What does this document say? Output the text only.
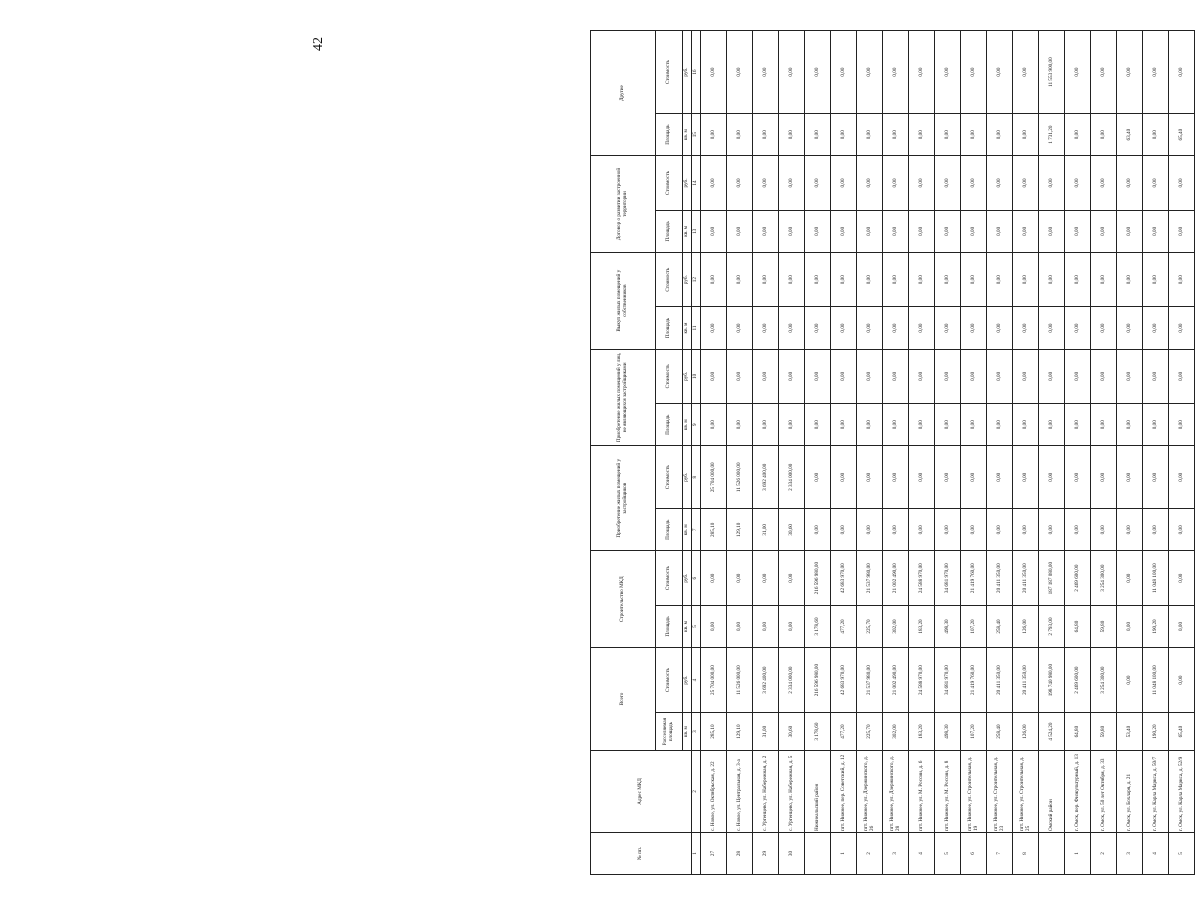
42
№ пп.	Адрес МКД	Всего		Строительство МКД		Приобретение жилых помещений у застройщиков		Приобретение жилых помещений у лиц, не являющихся застройщиками		Выкуп жилых помещений у собственников		Договор о развитии застроенной территории		Другие	
		Расселяемая площадь	Стоимость	Площадь	Стоимость	Площадь	Стоимость	Площадь	Стоимость	Площадь	Стоимость	Площадь	Стоимость	Площадь	Стоимость
		кв. м	руб.	кв. м	руб.	кв. м	руб.	кв. м	руб.	кв. м	руб.	кв. м	руб.	кв. м	руб.
1	2	3	4	5	6	7	8	9	10	11	12	13	14	15	16
27	с. Новое, ул. Октябрьская, д. 22	285,10	25 704 000,00	0,00	0,00	285,10	25 704 000,00	0,00	0,00	0,00	0,00	0,00	0,00	0,00	0,00
28	с. Новое, ул. Центральная, д. 3-а	129,10	11 526 000,00	0,00	0,00	129,10	11 526 000,00	0,00	0,00	0,00	0,00	0,00	0,00	0,00	0,00
29	с. Ургенцево, ул. Набережная, д. 2	31,00	3 692 400,00	0,00	0,00	31,00	3 692 400,00	0,00	0,00	0,00	0,00	0,00	0,00	0,00	0,00
30	с. Ургенцево, ул. Набережная, д. 5	30,60	2 334 000,00	0,00	0,00	30,60	2 334 000,00	0,00	0,00	0,00	0,00	0,00	0,00	0,00	0,00
	Нижнеальский район	3 178,60	216 596 980,00	3 178,60	216 596 980,00	0,00	0,00	0,00	0,00	0,00	0,00	0,00	0,00	0,00	0,00
1	пгт. Нижнее, пер. Советский, д. 12	477,20	42 683 970,00	477,20	42 683 970,00	0,00	0,00	0,00	0,00	0,00	0,00	0,00	0,00	0,00	0,00
2	пгт. Нижнее, ул. Дзержинского, д. 26	225,70	21 537 980,00	225,70	21 537 980,00	0,00	0,00	0,00	0,00	0,00	0,00	0,00	0,00	0,00	0,00
3	пгт. Нижнее, ул. Дзержинского, д. 28	302,00	21 002 490,00	302,00	21 002 490,00	0,00	0,00	0,00	0,00	0,00	0,00	0,00	0,00	0,00	0,00
4	пгт. Нижнее, ул. М. России, д. 6	183,20	24 588 970,00	183,20	24 588 970,00	0,00	0,00	0,00	0,00	0,00	0,00	0,00	0,00	0,00	0,00
5	пгт. Нижнее, ул. М. России, д. 8	498,30	34 681 970,00	498,30	34 681 970,00	0,00	0,00	0,00	0,00	0,00	0,00	0,00	0,00	0,00	0,00
6	пгт. Нижнее, ул. Строительная, д. 19	107,20	21 419 760,00	107,20	21 419 760,00	0,00	0,00	0,00	0,00	0,00	0,00	0,00	0,00	0,00	0,00
7	пгт. Нижнее, ул. Строительная, д. 23	258,40	20 411 350,00	258,40	20 411 350,00	0,00	0,00	0,00	0,00	0,00	0,00	0,00	0,00	0,00	0,00
8	пгт. Нижнее, ул. Строительная, д. 25	126,00	20 411 350,00	126,00	20 411 350,00	0,00	0,00	0,00	0,00	0,00	0,00	0,00	0,00	0,00	0,00
	Омский район	4 524,20	198 740 980,00	2 793,00	187 187 080,00	0,00	0,00	0,00	0,00	0,00	0,00	0,00	0,00	1 731,20	11 553 900,00
1	г. Омск, пер. Физкультурный, д. 13	64,80	2 469 600,00	64,80	2 469 600,00	0,00	0,00	0,00	0,00	0,00	0,00	0,00	0,00	0,00	0,00
2	г. Омск, ул. 50 лет Октября, д. 33	59,80	3 254 300,00	59,80	3 254 300,00	0,00	0,00	0,00	0,00	0,00	0,00	0,00	0,00	0,00	0,00
3	г. Омск, ул. Бохларя, д. 21	53,40	0,00	0,00	0,00	0,00	0,00	0,00	0,00	0,00	0,00	0,00	0,00	63,40	0,00
4	г. Омск, ул. Карла Маркса, д. 50/7	190,20	11 048 100,00	190,20	11 048 100,00	0,00	0,00	0,00	0,00	0,00	0,00	0,00	0,00	0,00	0,00
5	г. Омск, ул. Карла Маркса, д. 52/9	65,40	0,00	0,00	0,00	0,00	0,00	0,00	0,00	0,00	0,00	0,00	0,00	65,40	0,00
